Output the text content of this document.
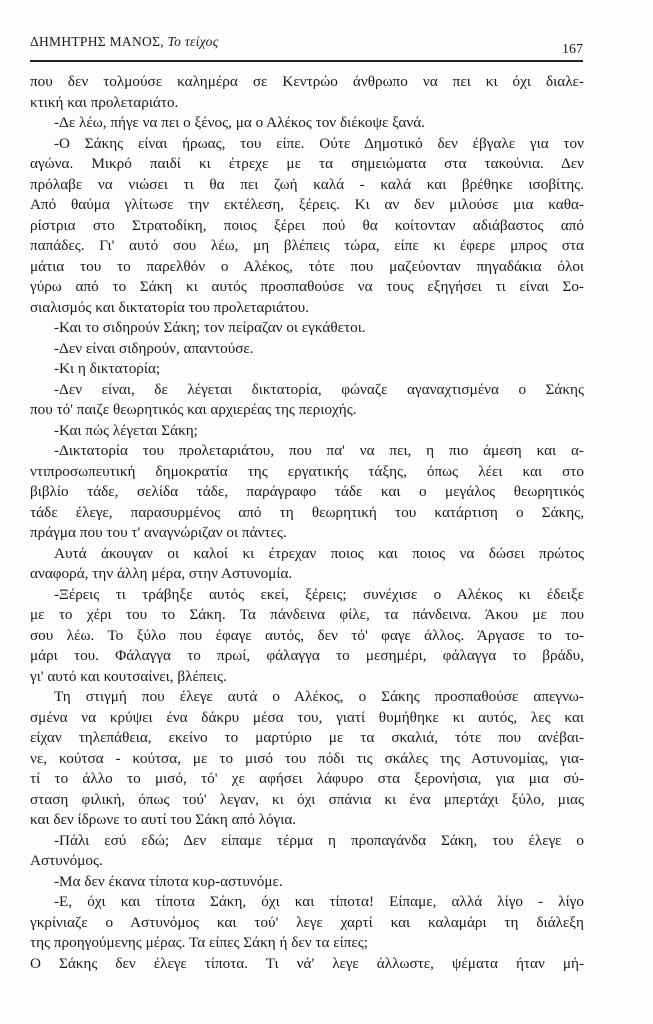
ΔΗΜΗΤΡΗΣ ΜΑΝΟΣ, Το τείχος
167
που δεν τολμούσε καλημέρα σε Κεντρώο άνθρωπο να πει κι όχι διαλε-
κτική και προλεταριάτο.
-Δε λέω, πήγε να πει ο ξένος, μα ο Αλέκος τον διέκοψε ξανά.
-Ο Σάκης είναι ήρωας, του είπε. Ούτε Δημοτικό δεν έβγαλε για τον
αγώνα. Μικρό παιδί κι έτρεχε με τα σημειώματα στα τακούνια. Δεν
πρόλαβε να νιώσει τι θα πει ζωή καλά - καλά και βρέθηκε ισοβίτης.
Από θαύμα γλίτωσε την εκτέλεση, ξέρεις. Κι αν δεν μιλούσε μια καθα-
ρίστρια στο Στρατοδίκη, ποιος ξέρει πού θα κοίτονταν αδιάβαστος από
παπάδες. Γι' αυτό σου λέω, μη βλέπεις τώρα, είπε κι έφερε μπρος στα
μάτια του το παρελθόν ο Αλέκος, τότε που μαζεύονταν πηγαδάκια όλοι
γύρω από το Σάκη κι αυτός προσπαθούσε να τους εξηγήσει τι είναι Σο-
σιαλισμός και δικτατορία του προλεταριάτου.
-Και το σιδηρούν Σάκη; τον πείραζαν οι εγκάθετοι.
-Δεν είναι σιδηρούν, απαντούσε.
-Κι η δικτατορία;
-Δεν είναι, δε λέγεται δικτατορία, φώναζε αγαναχτισμένα ο Σάκης
που τό' παιζε θεωρητικός και αρχιερέας της περιοχής.
-Και πώς λέγεται Σάκη;
-Δικτατορία του προλεταριάτου, που πα' να πει, η πιο άμεση και α-
ντιπροσωπευτική δημοκρατία της εργατικής τάξης, όπως λέει και στο
βιβλίο τάδε, σελίδα τάδε, παράγραφο τάδε και ο μεγάλος θεωρητικός
τάδε έλεγε, παρασυρμένος από τη θεωρητική του κατάρτιση ο Σάκης,
πράγμα που του τ' αναγνώριζαν οι πάντες.
Αυτά άκουγαν οι καλοί κι έτρεχαν ποιος και ποιος να δώσει πρώτος
αναφορά, την άλλη μέρα, στην Αστυνομία.
-Ξέρεις τι τράβηξε αυτός εκεί, ξέρεις; συνέχισε ο Αλέκος κι έδειξε
με το χέρι του το Σάκη. Τα πάνδεινα φίλε, τα πάνδεινα. Άκου με που
σου λέω. Το ξύλο που έφαγε αυτός, δεν τό' φαγε άλλος. Άργασε το το-
μάρι του. Φάλαγγα το πρωί, φάλαγγα το μεσημέρι, φάλαγγα το βράδυ,
γι' αυτό και κουτσαίνει, βλέπεις.
Τη στιγμή που έλεγε αυτά ο Αλέκος, ο Σάκης προσπαθούσε απεγνω-
σμένα να κρύψει ένα δάκρυ μέσα του, γιατί θυμήθηκε κι αυτός, λες και
είχαν τηλεπάθεια, εκείνο το μαρτύριο με τα σκαλιά, τότε που ανέβαι-
νε, κούτσα - κούτσα, με το μισό του πόδι τις σκάλες της Αστυνομίας, για-
τί το άλλο το μισό, τό' χε αφήσει λάφυρο στα ξερονήσια, για μια σύ-
σταση φιλική, όπως τού' λεγαν, κι όχι σπάνια κι ένα μπερτάχι ξύλο, μιας
και δεν ίδρωνε το αυτί του Σάκη από λόγια.
-Πάλι εσύ εδώ; Δεν είπαμε τέρμα η προπαγάνδα Σάκη, του έλεγε ο
Αστυνόμος.
-Μα δεν έκανα τίποτα κυρ-αστυνόμε.
-Ε, όχι και τίποτα Σάκη, όχι και τίποτα! Είπαμε, αλλά λίγο - λίγο
γκρίνιαζε ο Αστυνόμος και τού' λεγε χαρτί και καλαμάρι τη διάλεξη
της προηγούμενης μέρας. Τα είπες Σάκη ή δεν τα είπες;
Ο Σάκης δεν έλεγε τίποτα. Τι νά' λεγε άλλωστε, ψέματα ήταν μή-
